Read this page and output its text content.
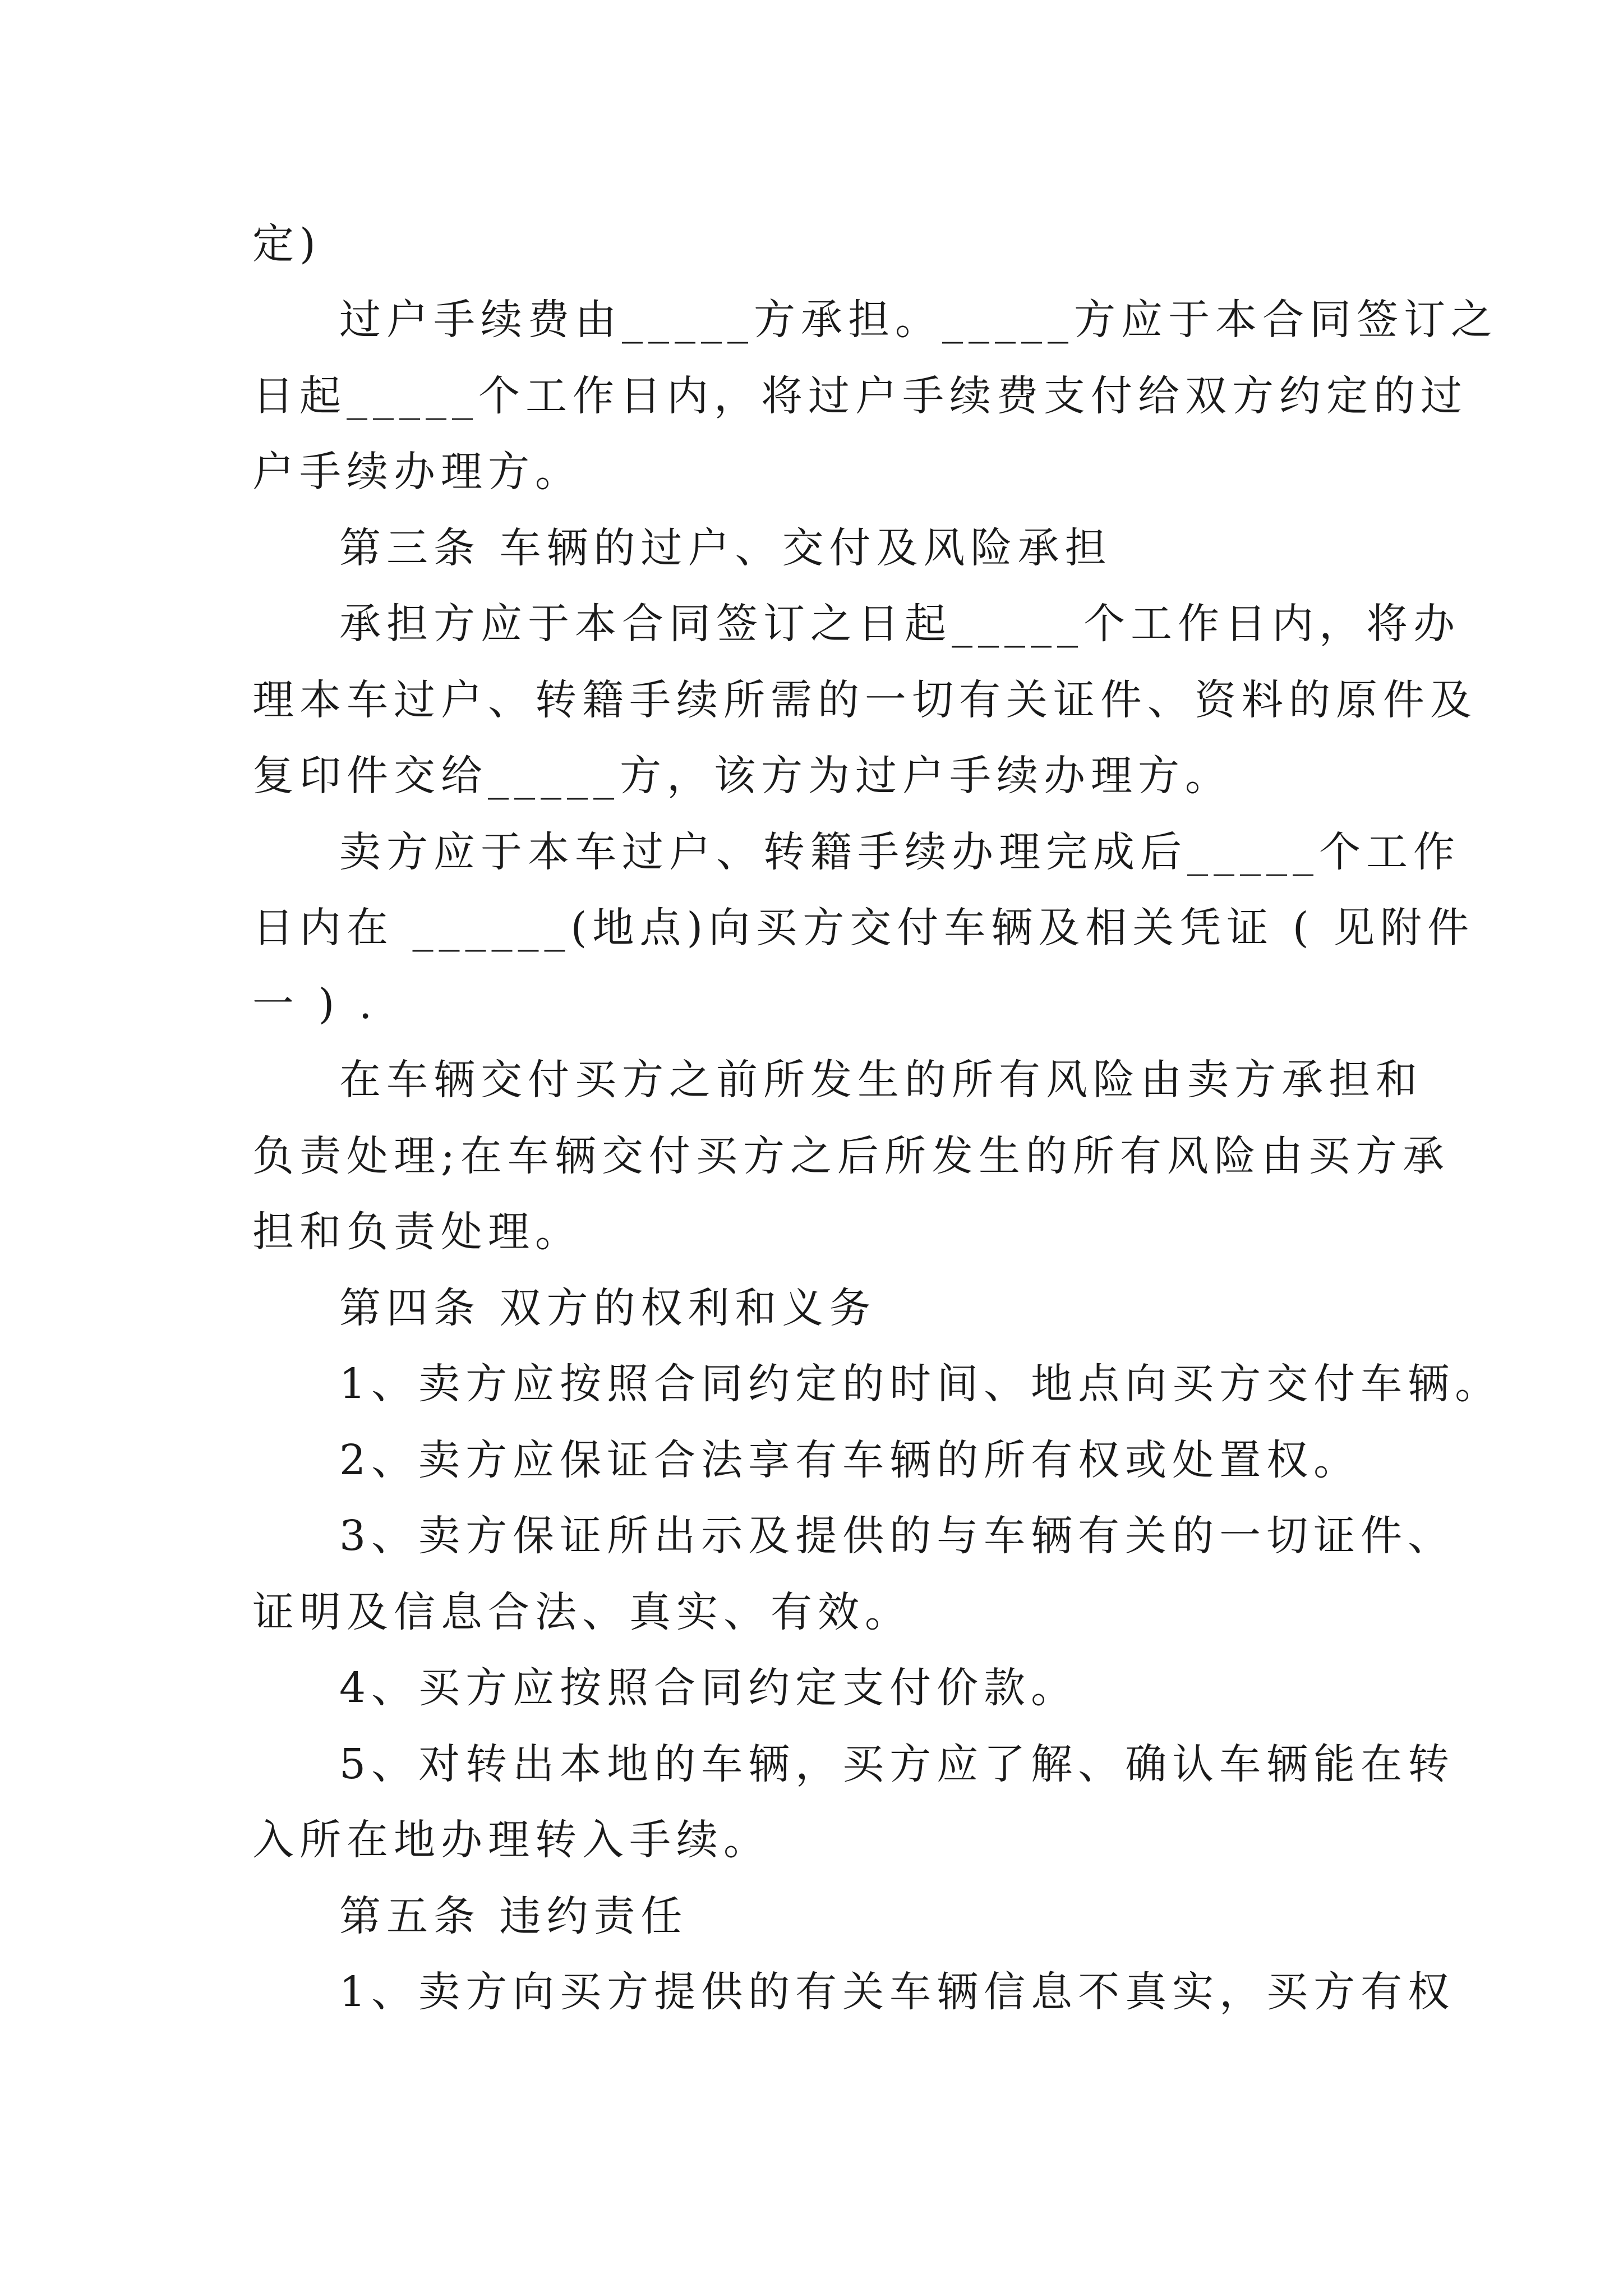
定)

过户手续费由_____方承担。_____方应于本合同签订之

日起_____个工作日内，将过户手续费支付给双方约定的过

户手续办理方。

第三条 车辆的过户、交付及风险承担

承担方应于本合同签订之日起_____个工作日内，将办

理本车过户、转籍手续所需的一切有关证件、资料的原件及

复印件交给_____方，该方为过户手续办理方。

卖方应于本车过户、转籍手续办理完成后_____个工作

日内在 ______(地点)向买方交付车辆及相关凭证 ( 见附件

一 ) .

在车辆交付买方之前所发生的所有风险由卖方承担和

负责处理;在车辆交付买方之后所发生的所有风险由买方承

担和负责处理。

第四条 双方的权利和义务

1、卖方应按照合同约定的时间、地点向买方交付车辆。

2、卖方应保证合法享有车辆的所有权或处置权。

3、卖方保证所出示及提供的与车辆有关的一切证件、

证明及信息合法、真实、有效。

4、买方应按照合同约定支付价款。

5、对转出本地的车辆，买方应了解、确认车辆能在转

入所在地办理转入手续。

第五条 违约责任

1、卖方向买方提供的有关车辆信息不真实，买方有权
